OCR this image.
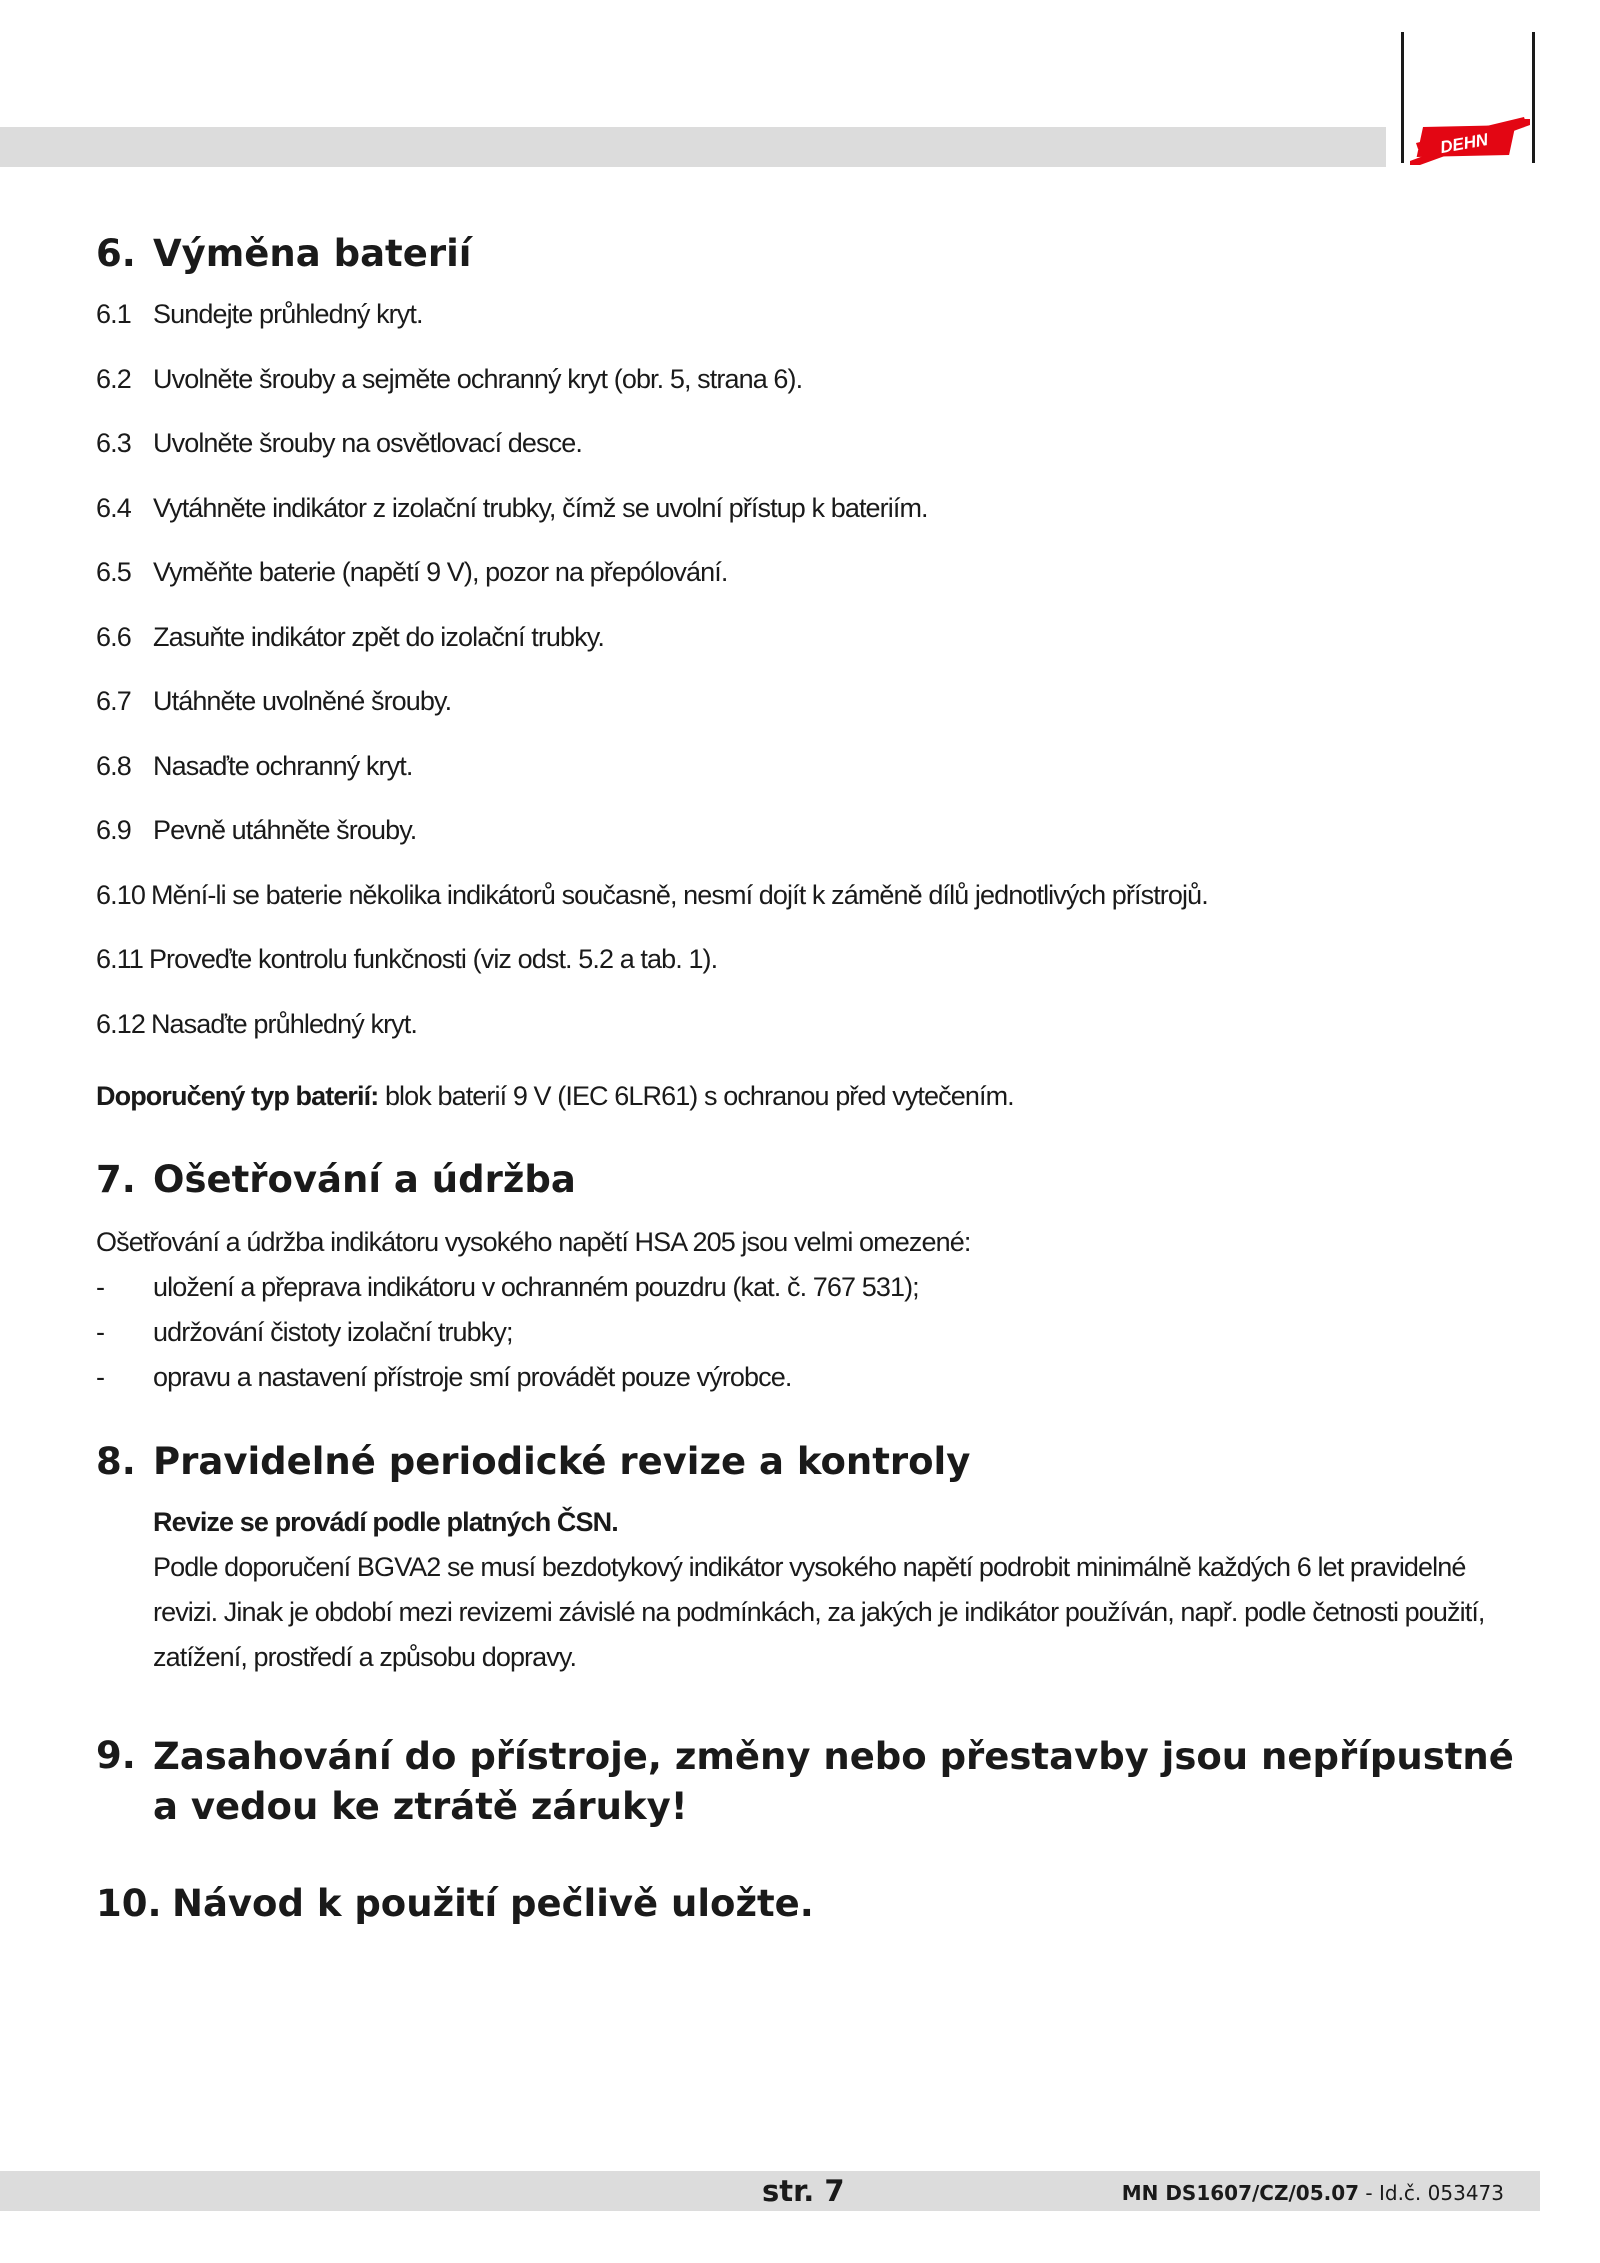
DEHN
6. Výměna baterií
6.1 Sundejte průhledný kryt.
6.2 Uvolněte šrouby a sejměte ochranný kryt (obr. 5, strana 6).
6.3 Uvolněte šrouby na osvětlovací desce.
6.4 Vytáhněte indikátor z izolační trubky, čímž se uvolní přístup k bateriím.
6.5 Vyměňte baterie (napětí 9 V), pozor na přepólování.
6.6 Zasuňte indikátor zpět do izolační trubky.
6.7 Utáhněte uvolněné šrouby.
6.8 Nasaďte ochranný kryt.
6.9 Pevně utáhněte šrouby.
6.10 Mění-li se baterie několika indikátorů současně, nesmí dojít k záměně dílů jednotlivých přístrojů.
6.11 Proveďte kontrolu funkčnosti (viz odst. 5.2 a tab. 1).
6.12 Nasaďte průhledný kryt.
Doporučený typ baterií: blok baterií 9 V (IEC 6LR61) s ochranou před vytečením.
7. Ošetřování a údržba
Ošetřování a údržba indikátoru vysokého napětí HSA 205 jsou velmi omezené:
-	uložení a přeprava indikátoru v ochranném pouzdru (kat. č. 767 531);
-	udržování čistoty izolační trubky;
-	opravu a nastavení přístroje smí provádět pouze výrobce.
8. Pravidelné periodické revize a kontroly
Revize se provádí podle platných ČSN.
Podle doporučení BGVA2 se musí bezdotykový indikátor vysokého napětí podrobit minimálně každých 6 let pravidelné revizi. Jinak je období mezi revizemi závislé na podmínkách, za jakých je indikátor používán, např. podle četnosti použití, zatížení, prostředí a způsobu dopravy.
9. Zasahování do přístroje, změny nebo přestavby jsou nepřípustné
a vedou ke ztrátě záruky!
10. Návod k použití pečlivě uložte.
str. 7	MN DS1607/CZ/05.07 - Id.č. 053473
